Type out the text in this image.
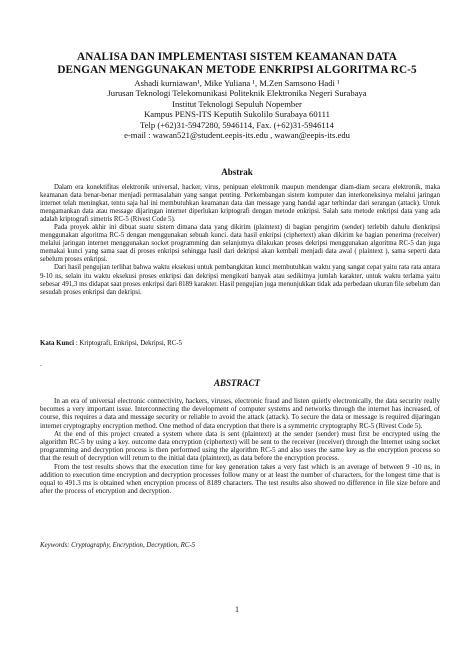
ANALISA DAN IMPLEMENTASI SISTEM KEAMANAN DATA
DENGAN MENGGUNAKAN METODE ENKRIPSI ALGORITMA RC-5
Ashadi kurniawan¹, Mike Yuliana ¹, M.Zen Samsono Hadi ¹
Jurusan Teknologi Telekomunikasi Politeknik Elektronika Negeri Surabaya
Institut Teknologi Sepuluh Nopember
Kampus PENS-ITS Keputih Sukolilo Surabaya 60111
Telp (+62)31-5947280, 5946114, Fax. (+62)31-5946114
e-mail : wawan521@student.eepis-its.edu , wawan@eepis-its.edu
Abstrak

Dalam era konektifitas elektronik universal, hacker, virus, penipuan elektronik maupun mendengar diam-diam secara elektronik, maka keamanan data benar-benar menjadi permasalahan yang sangat penting. Perkembangan sistem komputer dan interkoneksinya melalui jaringan internet telah meningkat, tentu saja hal ini membutuhkan keamanan data dan message yang handal agar terhindar dari serangan (attack). Untuk mengamankan data atau message dijaringan internet diperlukan kriptografi dengan metode enkripsi. Salah satu metode enkripsi data yang ada adalah kriptografi simetris RC-5 (Rivest Code 5).

Pada proyek akhir ini dibuat suatu sistem dimana data yang dikirim (plaintext) di bagian pengirim (sender) terlebih dahulu dienkripsi menggunakan algoritma RC-5 dengan menggunakan sebuah kunci. data hasil enkripsi (ciphertext) akan dikirim ke bagian penerima (receiver) melalui jaringan internet menggunakan socket programming dan selanjutnya dilakukan proses dekripsi menggunakan algoritma RC-5 dan juga memakai kunci yang sama saat di proses enkripsi sehingga hasil dari dekripsi akan kembali menjadi data awal ( plaintext ), sama seperti data sebelum proses enkripsi.

Dari hasil pengujian terlihat bahwa waktu eksekusi untuk pembangkitan kunci membutuhkan waktu yang sangat cepat yaitu rata rata antara 9-10 ns, selain itu waktu eksekusi proses enkripsi dan dekripsi mengikuti banyak atau sedikitnya jumlah karakter, untuk waktu terlama yaitu sebesar 491,3 ms didapat saat proses enkripsi dari 8189 karakter. Hasil pengujian juga menunjukkan tidak ada perbedaan ukuran file sebelum dan sesudah proses enkripsi dan dekripsi.

Kata Kunci : Kriptografi, Enkripsi, Dekripsi, RC-5
.
ABSTRACT

In an era of universal electronic connectivity, hackers, viruses, electronic fraud and listen quietly electronically, the data security really becomes a very important issue. Interconnecting the development of computer systems and networks through the internet has increased, of course, this requires a data and message security or reliable to avoid the attack (attack). To secure the data or message is required dijaringan internet cryptography encryption method. One method of data encryption that there is a symmetric cryptography RC-5 (Rivest Code 5).

At the end of this project created a system where data is sent (plaintext) at the sender (sender) must first be encrypted using the algorithm RC-5 by using a key. outcome data encryption (ciphertext) will be sent to the receiver (receiver) through the Internet using socket programming and decryption process is then performed using the algorithm RC-5 and also uses the same key as the encryption process so that the result of decryption will return to the initial data (plaintext), as data before the encryption process.

From the test results shows that the execution time for key generation takes a very fast which is an average of between 9 -10 ns, in addition to execution time encryption and decryption processes follow many or at least the number of characters, for the longest time that is equal to 491.3 ms is obtained when encryption process of 8189 characters. The test results also showed no difference in file size before and after the process of encryption and decryption.

Keywords: Cryptography, Encryption, Decryption, RC-5
1
